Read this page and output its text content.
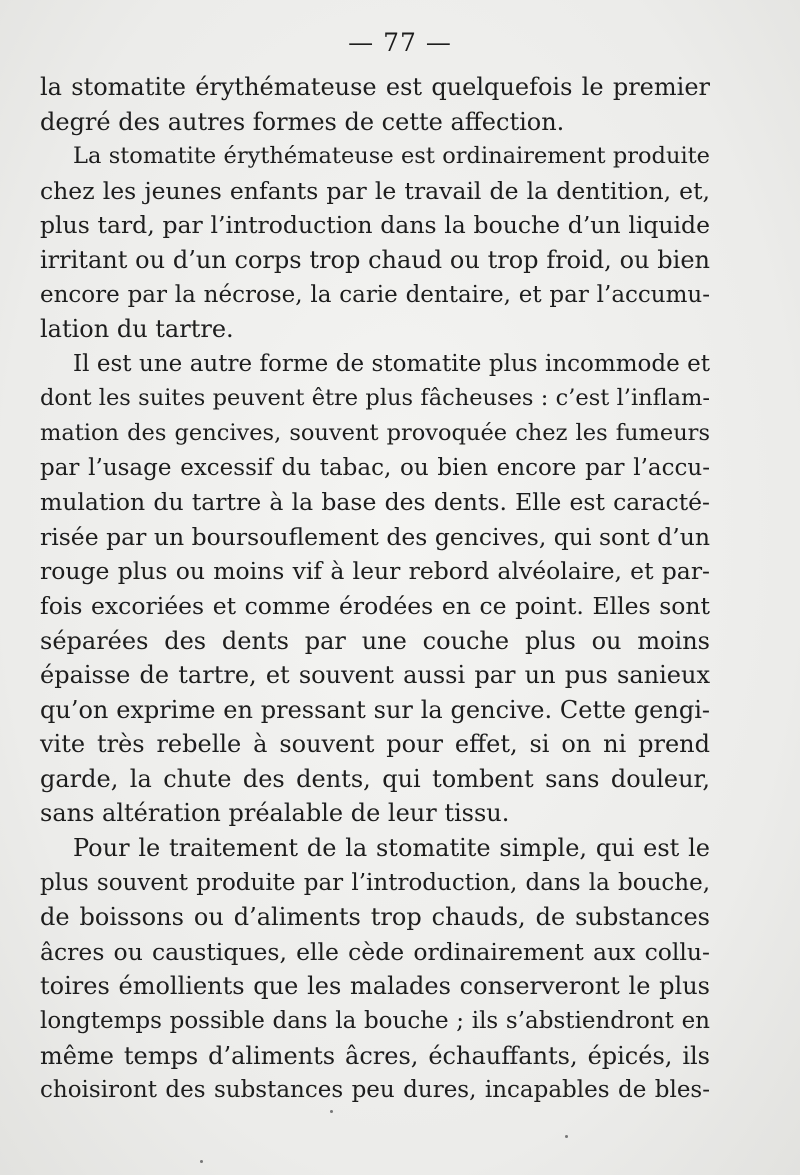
— 77 —
la stomatite érythémateuse est quelquefois le premier
degré des autres formes de cette affection.
La stomatite érythémateuse est ordinairement produite
chez les jeunes enfants par le travail de la dentition, et,
plus tard, par l’introduction dans la bouche d’un liquide
irritant ou d’un corps trop chaud ou trop froid, ou bien
encore par la nécrose, la carie dentaire, et par l’accumu-
lation du tartre.
Il est une autre forme de stomatite plus incommode et
dont les suites peuvent être plus fâcheuses : c’est l’inflam-
mation des gencives, souvent provoquée chez les fumeurs
par l’usage excessif du tabac, ou bien encore par l’accu-
mulation du tartre à la base des dents. Elle est caracté-
risée par un boursouflement des gencives, qui sont d’un
rouge plus ou moins vif à leur rebord alvéolaire, et par-
fois excoriées et comme érodées en ce point. Elles sont
séparées des dents par une couche plus ou moins
épaisse de tartre, et souvent aussi par un pus sanieux
qu’on exprime en pressant sur la gencive. Cette gengi-
vite très rebelle à souvent pour effet, si on ni prend
garde, la chute des dents, qui tombent sans douleur,
sans altération préalable de leur tissu.
Pour le traitement de la stomatite simple, qui est le
plus souvent produite par l’introduction, dans la bouche,
de boissons ou d’aliments trop chauds, de substances
âcres ou caustiques, elle cède ordinairement aux collu-
toires émollients que les malades conserveront le plus
longtemps possible dans la bouche ; ils s’abstiendront en
même temps d’aliments âcres, échauffants, épicés, ils
choisiront des substances peu dures, incapables de bles-
